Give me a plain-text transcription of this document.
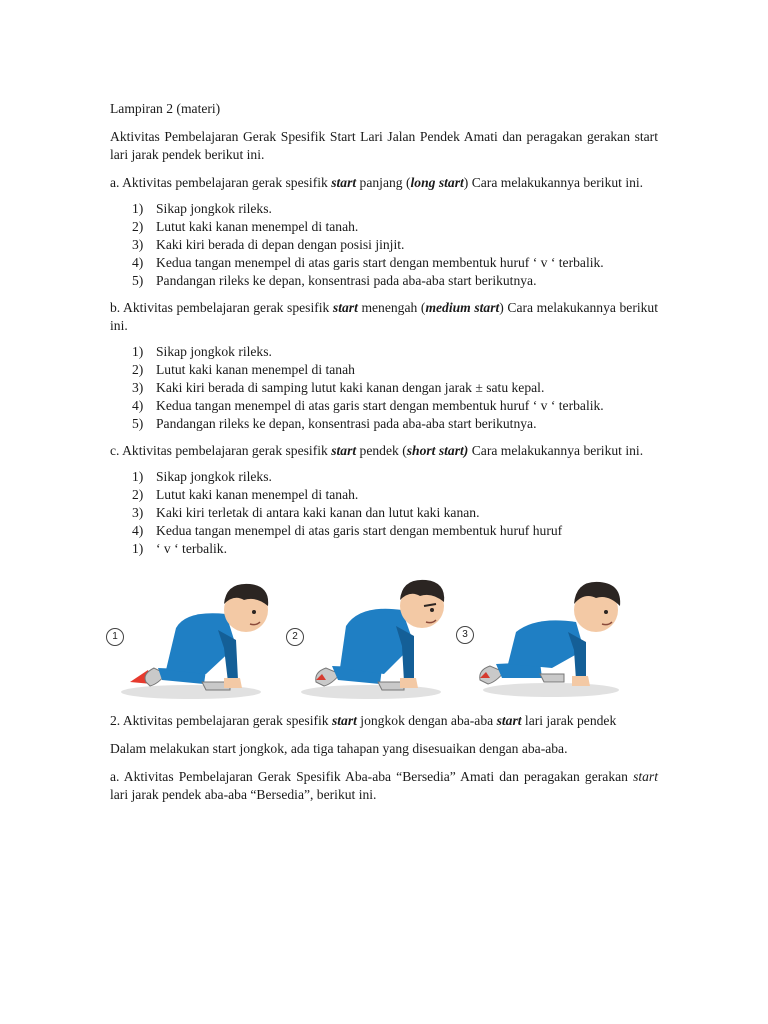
Lampiran 2 (materi)

Aktivitas Pembelajaran Gerak Spesifik Start Lari Jalan Pendek Amati dan peragakan gerakan start lari jarak pendek berikut ini.

a. Aktivitas pembelajaran gerak spesifik start panjang (long start) Cara melakukannya berikut ini.

1) Sikap jongkok rileks.
2) Lutut kaki kanan menempel di tanah.
3) Kaki kiri berada di depan dengan posisi jinjit.
4) Kedua tangan menempel di atas garis start dengan membentuk huruf ‘ v ‘ terbalik.
5) Pandangan rileks ke depan, konsentrasi pada aba-aba start berikutnya.

b. Aktivitas pembelajaran gerak spesifik start menengah (medium start) Cara melakukannya berikut ini.

1) Sikap jongkok rileks.
2) Lutut kaki kanan menempel di tanah
3) Kaki kiri berada di samping lutut kaki kanan dengan jarak ± satu kepal.
4) Kedua tangan menempel di atas garis start dengan membentuk huruf ‘ v ‘ terbalik.
5) Pandangan rileks ke depan, konsentrasi pada aba-aba start berikutnya.

c. Aktivitas pembelajaran gerak spesifik start pendek (short start) Cara melakukannya berikut ini.

1) Sikap jongkok rileks.
2) Lutut kaki kanan menempel di tanah.
3) Kaki kiri terletak di antara kaki kanan dan lutut kaki kanan.
4) Kedua tangan menempel di atas garis start dengan membentuk huruf huruf
1) ‘ v ‘ terbalik.
1	2	3

2. Aktivitas pembelajaran gerak spesifik start jongkok dengan aba-aba start lari jarak pendek

Dalam melakukan start jongkok, ada tiga tahapan yang disesuaikan dengan aba-aba.

a. Aktivitas Pembelajaran Gerak Spesifik Aba-aba “Bersedia” Amati dan peragakan gerakan start lari jarak pendek aba-aba “Bersedia”, berikut ini.
